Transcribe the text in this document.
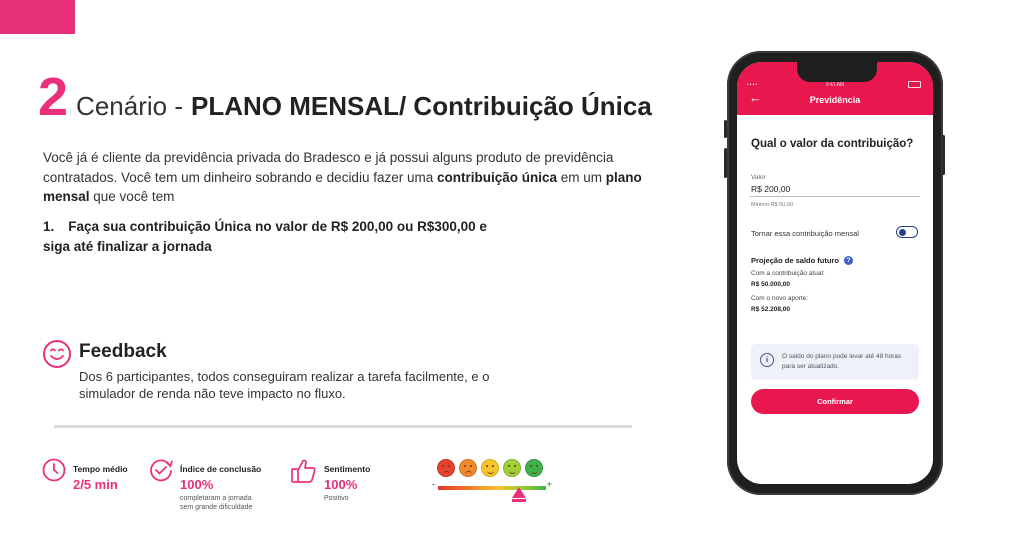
2 Cenário - PLANO MENSAL/ Contribuição Única
Você já é cliente da previdência privada do Bradesco e já possui alguns produto de previdência contratados. Você tem um dinheiro sobrando e decidiu fazer uma contribuição única em um plano mensal que você tem
1. Faça sua contribuição Única no valor de R$ 200,00 ou R$300,00 e siga até finalizar a jornada
Feedback
Dos 6 participantes, todos conseguiram realizar a tarefa facilmente, e o simulador de renda não teve impacto no fluxo.
Tempo médio
2/5 min
Índice de conclusão
100%
completaram a jornada
sem grande dificuldade
Sentimento
100%
Positivo
-	+
••••	9:41 AM
←	Previdência
Qual o valor da contribuição?
Valor
R$ 200,00
Mínimo R$ 50,00
Tornar essa contribuição mensal
Projeção de saldo futuro	?
Com a contribuição atual:
R$ 50.000,00
Com o novo aporte:
R$ 52.208,00
i	O saldo do plano pode levar até 48 horas para ser atualizado.
Confirmar
